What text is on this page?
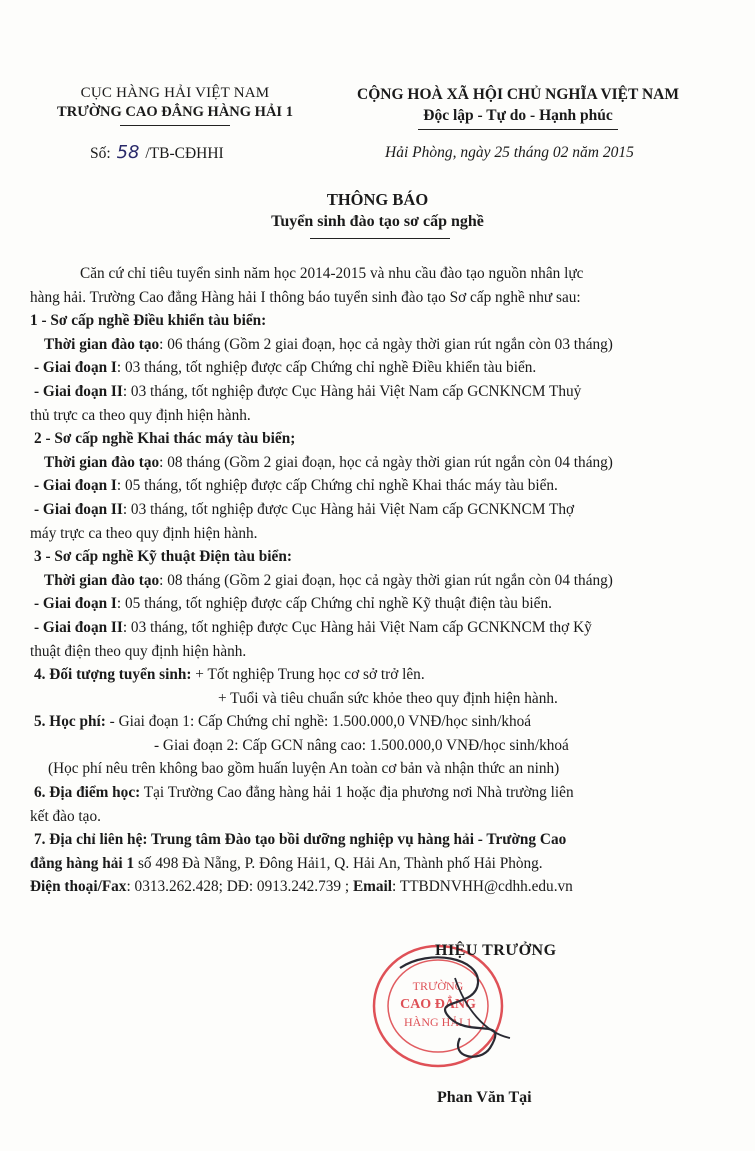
CỤC HÀNG HẢI VIỆT NAM
TRƯỜNG CAO ĐẲNG HÀNG HẢI 1
CỘNG HOÀ XÃ HỘI CHỦ NGHĨA VIỆT NAM
Độc lập - Tự do - Hạnh phúc
Số: 58 /TB-CĐHHI	Hải Phòng, ngày 25 tháng 02 năm 2015
THÔNG BÁO
Tuyển sinh đào tạo sơ cấp nghề

Căn cứ chỉ tiêu tuyển sinh năm học 2014-2015 và nhu cầu đào tạo nguồn nhân lực

hàng hải. Trường Cao đẳng Hàng hải I thông báo tuyển sinh đào tạo Sơ cấp nghề như sau:

1 - Sơ cấp nghề Điều khiển tàu biển:

Thời gian đào tạo: 06 tháng (Gồm 2 giai đoạn, học cả ngày thời gian rút ngắn còn 03 tháng)

- Giai đoạn I: 03 tháng, tốt nghiệp được cấp Chứng chỉ nghề Điều khiển tàu biển.

- Giai đoạn II: 03 tháng, tốt nghiệp được Cục Hàng hải Việt Nam cấp GCNKNCM Thuỷ

thủ trực ca theo quy định hiện hành.

2 - Sơ cấp nghề Khai thác máy tàu biển;

Thời gian đào tạo: 08 tháng (Gồm 2 giai đoạn, học cả ngày thời gian rút ngắn còn 04 tháng)

- Giai đoạn I: 05 tháng, tốt nghiệp được cấp Chứng chỉ nghề Khai thác máy tàu biển.

- Giai đoạn II: 03 tháng, tốt nghiệp được Cục Hàng hải Việt Nam cấp GCNKNCM Thợ

máy trực ca theo quy định hiện hành.

3 - Sơ cấp nghề Kỹ thuật Điện tàu biển:

Thời gian đào tạo: 08 tháng (Gồm 2 giai đoạn, học cả ngày thời gian rút ngắn còn 04 tháng)

- Giai đoạn I: 05 tháng, tốt nghiệp được cấp Chứng chỉ nghề Kỹ thuật điện tàu biển.

- Giai đoạn II: 03 tháng, tốt nghiệp được Cục Hàng hải Việt Nam cấp GCNKNCM thợ Kỹ

thuật điện theo quy định hiện hành.

4. Đối tượng tuyển sinh: + Tốt nghiệp Trung học cơ sở trở lên.

+ Tuổi và tiêu chuẩn sức khỏe theo quy định hiện hành.

5. Học phí: - Giai đoạn 1: Cấp Chứng chỉ nghề: 1.500.000,0 VNĐ/học sinh/khoá

- Giai đoạn 2: Cấp GCN nâng cao: 1.500.000,0 VNĐ/học sinh/khoá

(Học phí nêu trên không bao gồm huấn luyện An toàn cơ bản và nhận thức an ninh)

6. Địa điểm học: Tại Trường Cao đẳng hàng hải 1 hoặc địa phương nơi Nhà trường liên

kết đào tạo.

7. Địa chỉ liên hệ: Trung tâm Đào tạo bồi dưỡng nghiệp vụ hàng hải - Trường Cao

đẳng hàng hải 1 số 498 Đà Nẵng, P. Đông Hải1, Q. Hải An, Thành phố Hải Phòng.

Điện thoại/Fax: 0313.262.428; DĐ: 0913.242.739 ; Email: TTBDNVHH@cdhh.edu.vn

TRƯỜNG
CAO ĐẲNG
HÀNG HẢI 1
HIỆU TRƯỞNG
Phan Văn Tại
